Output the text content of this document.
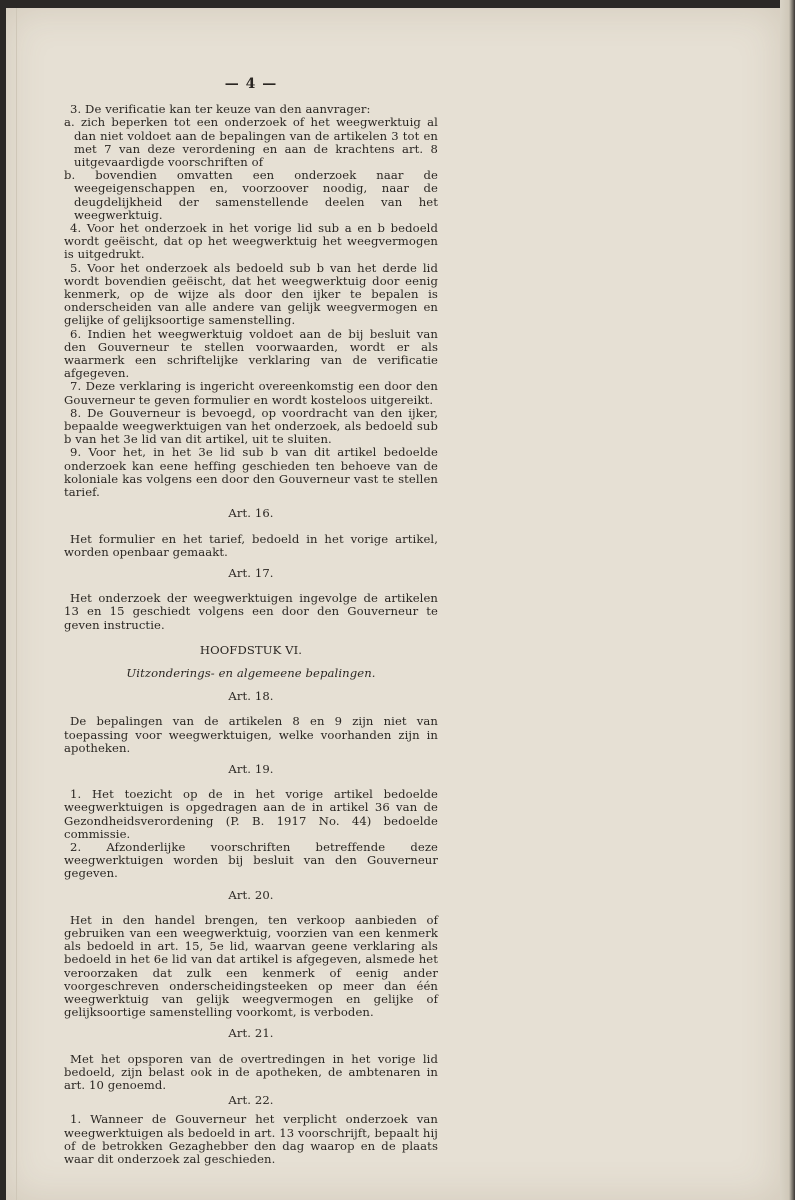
— 4 —

3. De verificatie kan ter keuze van den aanvrager:

a. zich beperken tot een onderzoek of het weegwerktuig al dan niet voldoet aan de bepalingen van de artikelen 3 tot en met 7 van deze verordening en aan de krachtens art. 8 uitgevaardigde voorschriften of

b. bovendien omvatten een onderzoek naar de weegeigenschappen en, voorzoover noodig, naar de deugdelijkheid der samenstellende deelen van het weegwerktuig.

4. Voor het onderzoek in het vorige lid sub a en b bedoeld wordt geëischt, dat op het weegwerktuig het weegvermogen is uitgedrukt.

5. Voor het onderzoek als bedoeld sub b van het derde lid wordt bovendien geëischt, dat het weegwerktuig door eenig kenmerk, op de wijze als door den ijker te bepalen is onderscheiden van alle andere van gelijk weegvermogen en gelijke of gelijksoortige samenstelling.

6. Indien het weegwerktuig voldoet aan de bij besluit van den Gouverneur te stellen voorwaarden, wordt er als waarmerk een schriftelijke verklaring van de verificatie afgegeven.

7. Deze verklaring is ingericht overeenkomstig een door den Gouverneur te geven formulier en wordt kosteloos uitgereikt.

8. De Gouverneur is bevoegd, op voordracht van den ijker, bepaalde weegwerktuigen van het onderzoek, als bedoeld sub b van het 3e lid van dit artikel, uit te sluiten.

9. Voor het, in het 3e lid sub b van dit artikel bedoelde onderzoek kan eene heffing geschieden ten behoeve van de koloniale kas volgens een door den Gouverneur vast te stellen tarief.

Art. 16.

Het formulier en het tarief, bedoeld in het vorige artikel, worden openbaar gemaakt.

Art. 17.

Het onderzoek der weegwerktuigen ingevolge de artikelen 13 en 15 geschiedt volgens een door den Gouverneur te geven instructie.

HOOFDSTUK VI.
Uitzonderings- en algemeene bepalingen.
Art. 18.

De bepalingen van de artikelen 8 en 9 zijn niet van toepassing voor weegwerktuigen, welke voorhanden zijn in apotheken.

Art. 19.

1. Het toezicht op de in het vorige artikel bedoelde weegwerktuigen is opgedragen aan de in artikel 36 van de Gezondheidsverordening (P. B. 1917 No. 44) bedoelde commissie.

2. Afzonderlijke voorschriften betreffende deze weegwerktuigen worden bij besluit van den Gouverneur gegeven.

Art. 20.

Het in den handel brengen, ten verkoop aanbieden of gebruiken van een weegwerktuig, voorzien van een kenmerk als bedoeld in art. 15, 5e lid, waarvan geene verklaring als bedoeld in het 6e lid van dat artikel is afgegeven, alsmede het veroorzaken dat zulk een kenmerk of eenig ander voorgeschreven onderscheidingsteeken op meer dan één weegwerktuig van gelijk weegvermogen en gelijke of gelijksoortige samenstelling voorkomt, is verboden.

Art. 21.

Met het opsporen van de overtredingen in het vorige lid bedoeld, zijn belast ook in de apotheken, de ambtenaren in art. 10 genoemd.

Art. 22.

1. Wanneer de Gouverneur het verplicht onderzoek van weegwerktuigen als bedoeld in art. 13 voorschrijft, bepaalt hij of de betrokken Gezaghebber den dag waarop en de plaats waar dit onderzoek zal geschieden.
